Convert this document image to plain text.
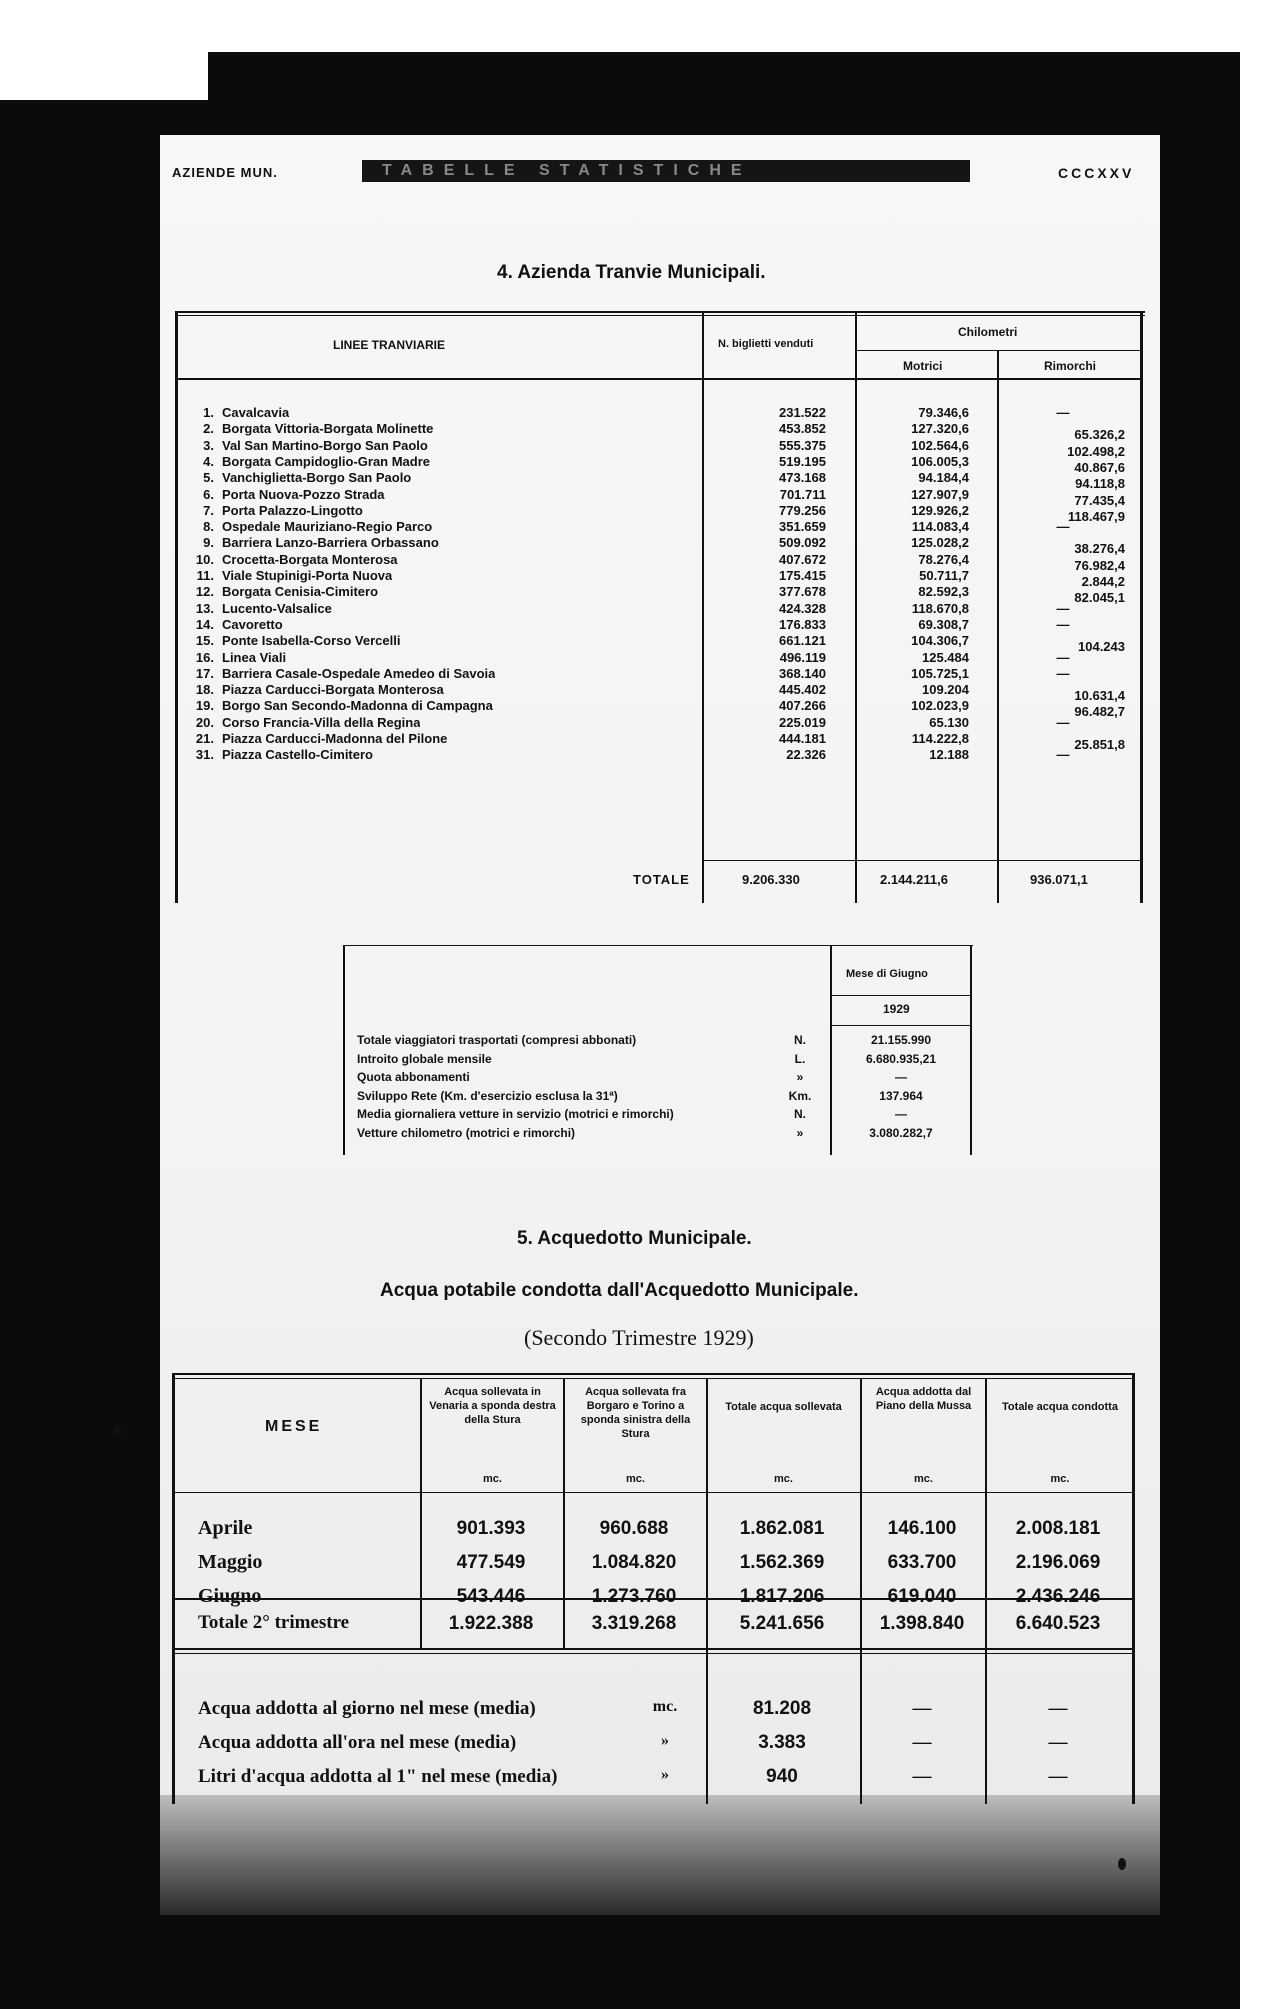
AZIENDE MUN.	TABELLE STATISTICHE	CCCXXV
4. Azienda Tranvie Municipali.
LINEE TRANVIARIE	N. biglietti venduti
Chilometri
Motrici	Rimorchi
1. Cavalcavia	231.522	79.346,6	—
2. Borgata Vittoria-Borgata Molinette	453.852	127.320,6	65.326,2
3. Val San Martino-Borgo San Paolo	555.375	102.564,6	102.498,2
4. Borgata Campidoglio-Gran Madre	519.195	106.005,3	40.867,6
5. Vanchiglietta-Borgo San Paolo	473.168	94.184,4	94.118,8
6. Porta Nuova-Pozzo Strada	701.711	127.907,9	77.435,4
7. Porta Palazzo-Lingotto	779.256	129.926,2	118.467,9
8. Ospedale Mauriziano-Regio Parco	351.659	114.083,4	—
9. Barriera Lanzo-Barriera Orbassano	509.092	125.028,2	38.276,4
10. Crocetta-Borgata Monterosa	407.672	78.276,4	76.982,4
11. Viale Stupinigi-Porta Nuova	175.415	50.711,7	2.844,2
12. Borgata Cenisia-Cimitero	377.678	82.592,3	82.045,1
13. Lucento-Valsalice	424.328	118.670,8	—
14. Cavoretto	176.833	69.308,7	—
15. Ponte Isabella-Corso Vercelli	661.121	104.306,7	104.243
16. Linea Viali	496.119	125.484	—
17. Barriera Casale-Ospedale Amedeo di Savoia	368.140	105.725,1	—
18. Piazza Carducci-Borgata Monterosa	445.402	109.204	10.631,4
19. Borgo San Secondo-Madonna di Campagna	407.266	102.023,9	96.482,7
20. Corso Francia-Villa della Regina	225.019	65.130	—
21. Piazza Carducci-Madonna del Pilone	444.181	114.222,8	25.851,8
31. Piazza Castello-Cimitero	22.326	12.188	—
TOTALE	9.206.330	2.144.211,6	936.071,1
Mese di Giugno
1929
Totale viaggiatori trasportati (compresi abbonati)	N.	21.155.990
Introito globale mensile	L.	6.680.935,21
Quota abbonamenti	»	—
Sviluppo Rete (Km. d'esercizio esclusa la 31ª)	Km.	137.964
Media giornaliera vetture in servizio (motrici e rimorchi)	N.	—
Vetture chilometro (motrici e rimorchi)	»	3.080.282,7
5. Acquedotto Municipale.
Acqua potabile condotta dall'Acquedotto Municipale.
(Secondo Trimestre 1929)
MESE
Acqua sollevata in Venaria a sponda destra della Stura
Acqua sollevata fra Borgaro e Torino a sponda sinistra della Stura
Totale acqua sollevata
Acqua addotta dal Piano della Mussa	Totale acqua condotta
mc.	mc.	mc.	mc.	mc.
Aprile	901.393	960.688	1.862.081	146.100	2.008.181
Maggio	477.549	1.084.820	1.562.369	633.700	2.196.069
Giugno	543.446	1.273.760	1.817.206	619.040	2.436.246
Totale 2° trimestre	1.922.388	3.319.268	5.241.656	1.398.840	6.640.523
Acqua addotta al giorno nel mese (media)	mc.	81.208	—	—
Acqua addotta all'ora nel mese (media)	»	3.383	—	—
Litri d'acqua addotta al 1" nel mese (media)	»	940	—	—
